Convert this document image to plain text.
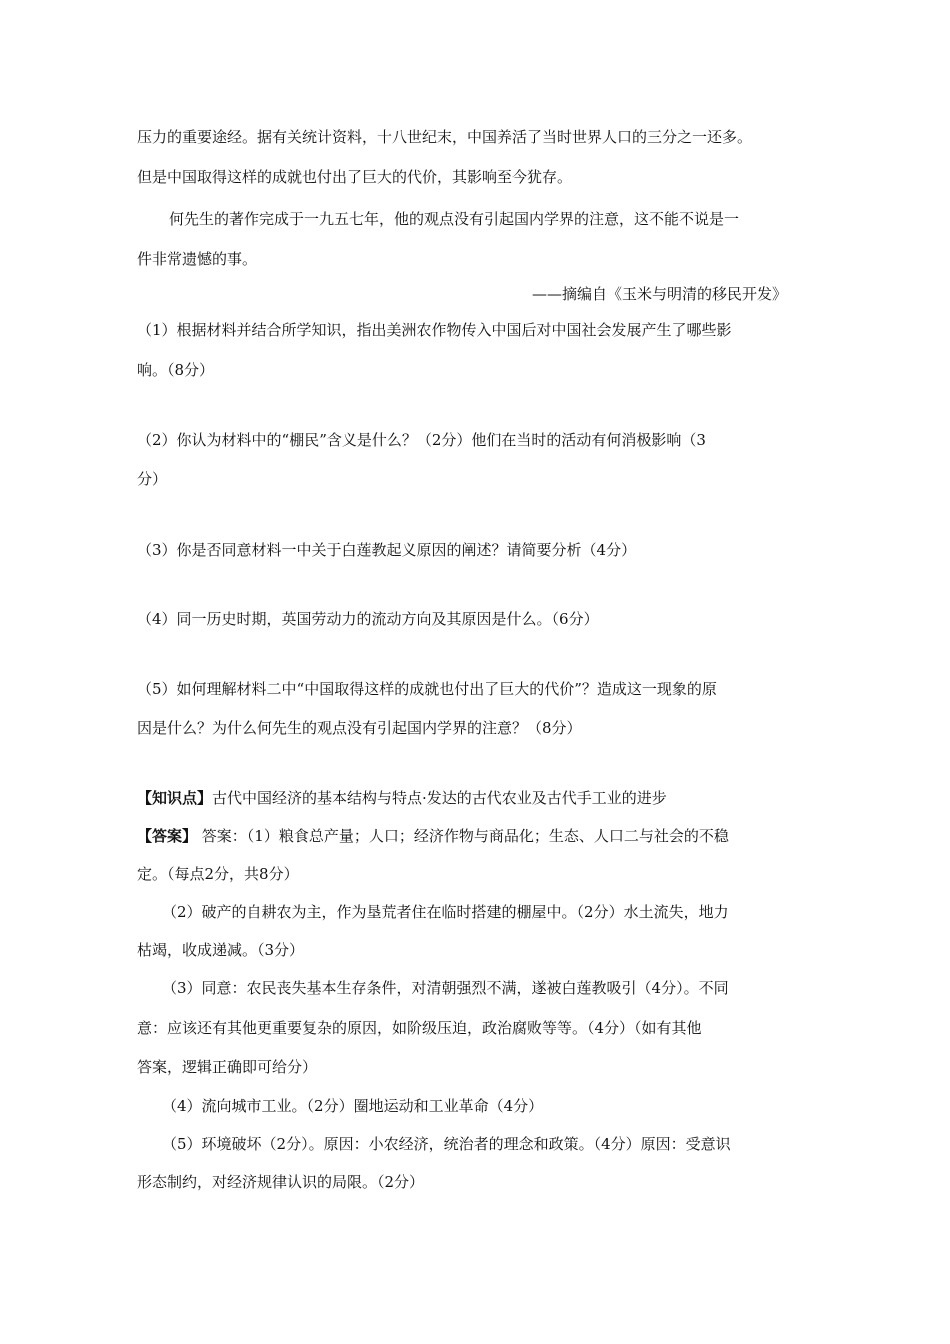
压力的重要途经。据有关统计资料，十八世纪末，中国养活了当时世界人口的三分之一还多。
但是中国取得这样的成就也付出了巨大的代价，其影响至今犹存。
何先生的著作完成于一九五七年，他的观点没有引起国内学界的注意，这不能不说是一
件非常遗憾的事。
——摘编自《玉米与明清的移民开发》
（1）根据材料并结合所学知识，指出美洲农作物传入中国后对中国社会发展产生了哪些影
响。（8分）
（2）你认为材料中的“棚民”含义是什么？（2分）他们在当时的活动有何消极影响（3
分）
（3）你是否同意材料一中关于白莲教起义原因的阐述？请简要分析（4分）
（4）同一历史时期，英国劳动力的流动方向及其原因是什么。（6分）
（5）如何理解材料二中“中国取得这样的成就也付出了巨大的代价”？造成这一现象的原
因是什么？为什么何先生的观点没有引起国内学界的注意？（8分）
【知识点】古代中国经济的基本结构与特点·发达的古代农业及古代手工业的进步
【答案】 答案：（1）粮食总产量；人口；经济作物与商品化；生态、人口二与社会的不稳
定。（每点2分，共8分）
（2）破产的自耕农为主，作为垦荒者住在临时搭建的棚屋中。（2分）水土流失，地力
枯竭，收成递减。（3分）
（3）同意：农民丧失基本生存条件，对清朝强烈不满，遂被白莲教吸引（4分）。不同
意：应该还有其他更重要复杂的原因，如阶级压迫，政治腐败等等。（4分）（如有其他
答案，逻辑正确即可给分）
（4）流向城市工业。（2分）圈地运动和工业革命（4分）
（5）环境破坏（2分）。原因：小农经济，统治者的理念和政策。（4分）原因：受意识
形态制约，对经济规律认识的局限。（2分）
